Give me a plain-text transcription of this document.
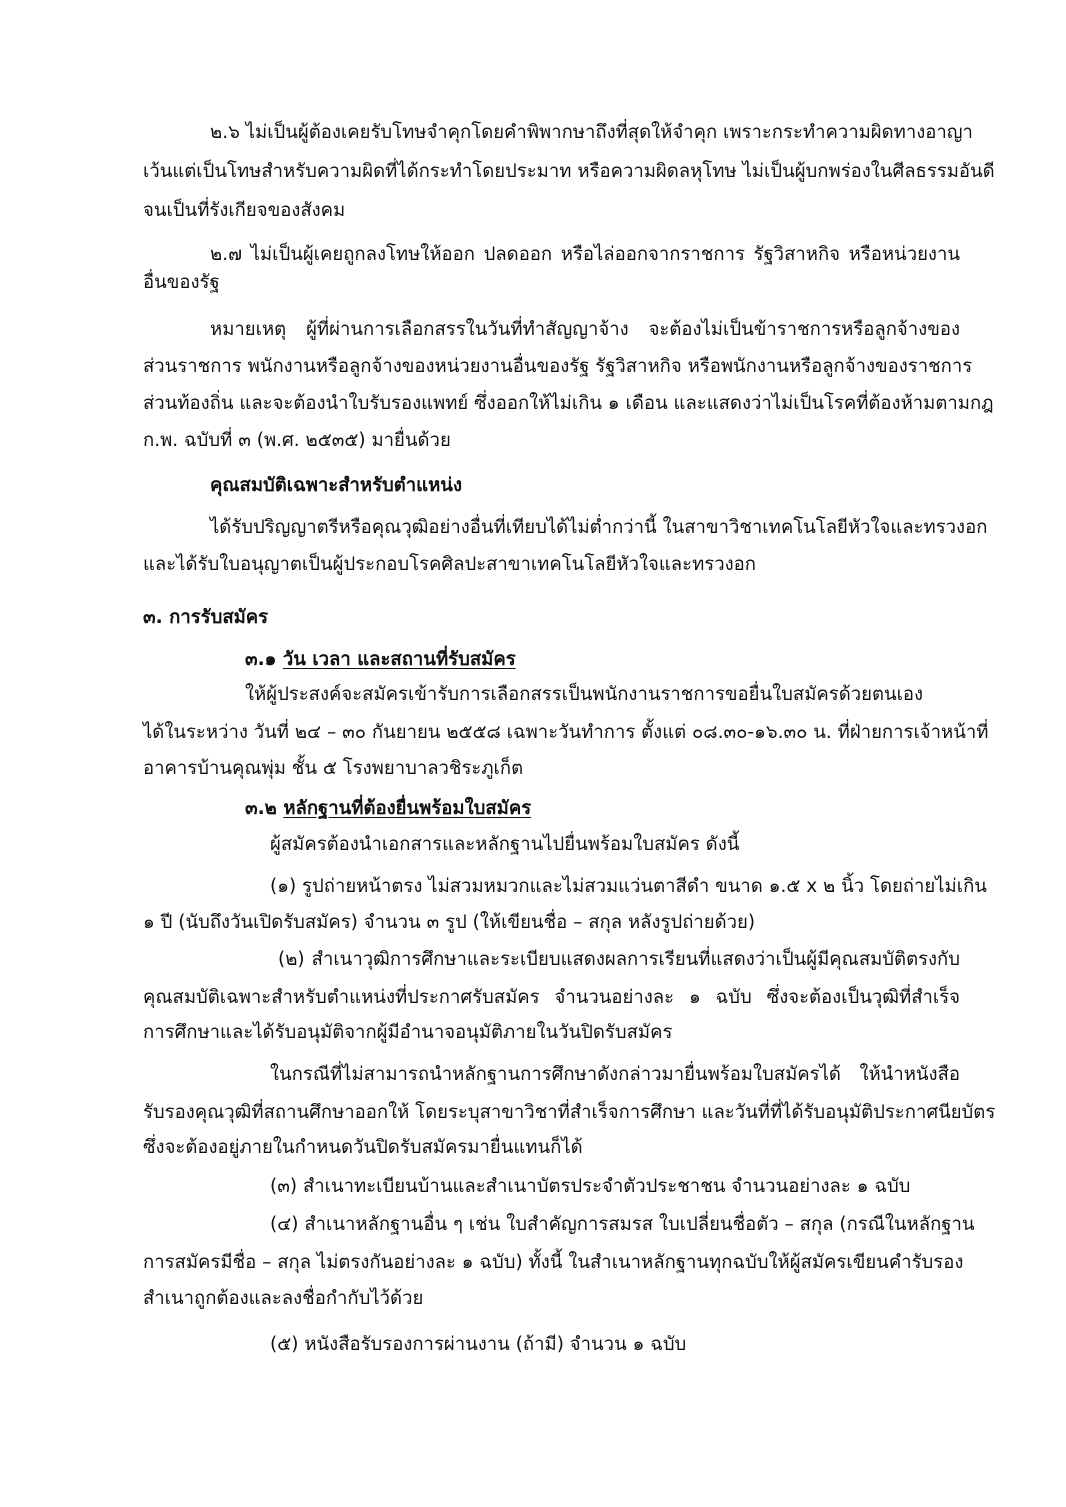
๒.๖ ไม่เป็นผู้ต้องเคยรับโทษจำคุกโดยคำพิพากษาถึงที่สุดให้จำคุก เพราะกระทำความผิดทางอาญา
เว้นแต่เป็นโทษสำหรับความผิดที่ได้กระทำโดยประมาท หรือความผิดลหุโทษ ไม่เป็นผู้บกพร่องในศีลธรรมอันดี
จนเป็นที่รังเกียจของสังคม
๒.๗ ไม่เป็นผู้เคยถูกลงโทษให้ออก ปลดออก หรือไล่ออกจากราชการ รัฐวิสาหกิจ หรือหน่วยงาน
อื่นของรัฐ
หมายเหตุ ผู้ที่ผ่านการเลือกสรรในวันที่ทำสัญญาจ้าง จะต้องไม่เป็นข้าราชการหรือลูกจ้างของ
ส่วนราชการ พนักงานหรือลูกจ้างของหน่วยงานอื่นของรัฐ รัฐวิสาหกิจ หรือพนักงานหรือลูกจ้างของราชการ
ส่วนท้องถิ่น และจะต้องนำใบรับรองแพทย์ ซึ่งออกให้ไม่เกิน ๑ เดือน และแสดงว่าไม่เป็นโรคที่ต้องห้ามตามกฎ
ก.พ. ฉบับที่ ๓ (พ.ศ. ๒๕๓๕) มายื่นด้วย
คุณสมบัติเฉพาะสำหรับตำแหน่ง
ได้รับปริญญาตรีหรือคุณวุฒิอย่างอื่นที่เทียบได้ไม่ต่ำกว่านี้ ในสาขาวิชาเทคโนโลยีหัวใจและทรวงอก
และได้รับใบอนุญาตเป็นผู้ประกอบโรคศิลปะสาขาเทคโนโลยีหัวใจและทรวงอก
๓. การรับสมัคร
๓.๑ วัน เวลา และสถานที่รับสมัคร
ให้ผู้ประสงค์จะสมัครเข้ารับการเลือกสรรเป็นพนักงานราชการขอยื่นใบสมัครด้วยตนเอง
ได้ในระหว่าง วันที่ ๒๔ – ๓๐ กันยายน ๒๕๕๘ เฉพาะวันทำการ ตั้งแต่ ๐๘.๓๐-๑๖.๓๐ น. ที่ฝ่ายการเจ้าหน้าที่
อาคารบ้านคุณพุ่ม ชั้น ๕ โรงพยาบาลวชิระภูเก็ต
๓.๒ หลักฐานที่ต้องยื่นพร้อมใบสมัคร
ผู้สมัครต้องนำเอกสารและหลักฐานไปยื่นพร้อมใบสมัคร ดังนี้
(๑) รูปถ่ายหน้าตรง ไม่สวมหมวกและไม่สวมแว่นตาสีดำ ขนาด ๑.๕ x ๒ นิ้ว โดยถ่ายไม่เกิน
๑ ปี (นับถึงวันเปิดรับสมัคร) จำนวน ๓ รูป (ให้เขียนชื่อ – สกุล หลังรูปถ่ายด้วย)
(๒) สำเนาวุฒิการศึกษาและระเบียบแสดงผลการเรียนที่แสดงว่าเป็นผู้มีคุณสมบัติตรงกับ
คุณสมบัติเฉพาะสำหรับตำแหน่งที่ประกาศรับสมัคร จำนวนอย่างละ ๑ ฉบับ ซึ่งจะต้องเป็นวุฒิที่สำเร็จ
การศึกษาและได้รับอนุมัติจากผู้มีอำนาจอนุมัติภายในวันปิดรับสมัคร
ในกรณีที่ไม่สามารถนำหลักฐานการศึกษาดังกล่าวมายื่นพร้อมใบสมัครได้ ให้นำหนังสือ
รับรองคุณวุฒิที่สถานศึกษาออกให้ โดยระบุสาขาวิชาที่สำเร็จการศึกษา และวันที่ที่ได้รับอนุมัติประกาศนียบัตร
ซึ่งจะต้องอยู่ภายในกำหนดวันปิดรับสมัครมายื่นแทนก็ได้
(๓) สำเนาทะเบียนบ้านและสำเนาบัตรประจำตัวประชาชน จำนวนอย่างละ ๑ ฉบับ
(๔) สำเนาหลักฐานอื่น ๆ เช่น ใบสำคัญการสมรส ใบเปลี่ยนชื่อตัว – สกุล (กรณีในหลักฐาน
การสมัครมีชื่อ – สกุล ไม่ตรงกันอย่างละ ๑ ฉบับ) ทั้งนี้ ในสำเนาหลักฐานทุกฉบับให้ผู้สมัครเขียนคำรับรอง
สำเนาถูกต้องและลงชื่อกำกับไว้ด้วย
(๕) หนังสือรับรองการผ่านงาน (ถ้ามี) จำนวน ๑ ฉบับ
